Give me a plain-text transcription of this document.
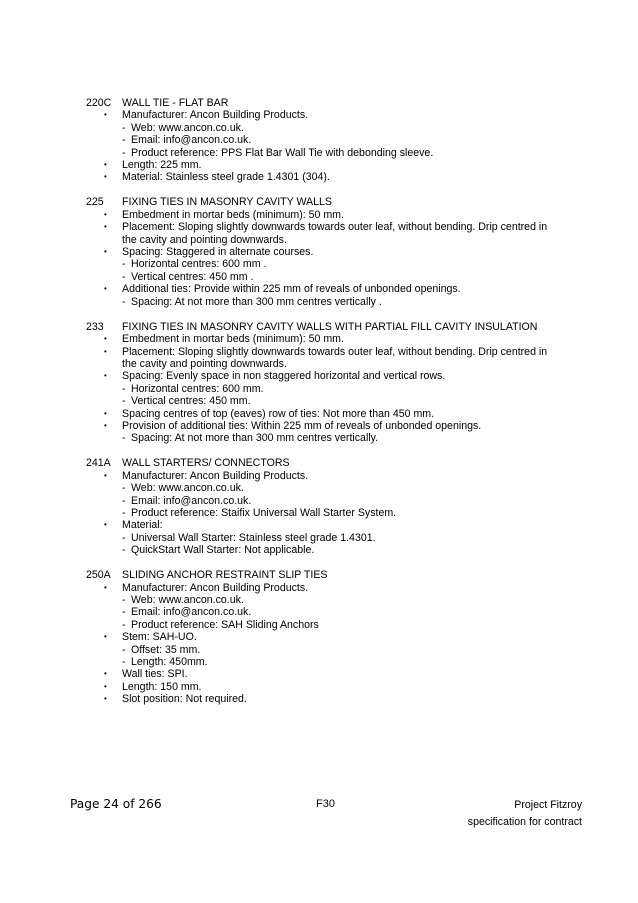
220C	WALL TIE - FLAT BAR
•	Manufacturer: Ancon Building Products.
- Web: www.ancon.co.uk.
- Email: info@ancon.co.uk.
- Product reference: PPS Flat Bar Wall Tie with debonding sleeve.
•	Length: 225 mm.
•	Material: Stainless steel grade 1.4301 (304).
225	FIXING TIES IN MASONRY CAVITY WALLS
•	Embedment in mortar beds (minimum): 50 mm.
•	Placement: Sloping slightly downwards towards outer leaf, without bending. Drip centred in the cavity and pointing downwards.
•	Spacing: Staggered in alternate courses.
- Horizontal centres: 600 mm .
- Vertical centres: 450 mm .
•	Additional ties: Provide within 225 mm of reveals of unbonded openings.
- Spacing: At not more than 300 mm centres vertically .
233	FIXING TIES IN MASONRY CAVITY WALLS WITH PARTIAL FILL CAVITY INSULATION
•	Embedment in mortar beds (minimum): 50 mm.
•	Placement: Sloping slightly downwards towards outer leaf, without bending. Drip centred in the cavity and pointing downwards.
•	Spacing: Evenly space in non staggered horizontal and vertical rows.
- Horizontal centres: 600 mm.
- Vertical centres: 450 mm.
•	Spacing centres of top (eaves) row of ties: Not more than 450 mm.
•	Provision of additional ties: Within 225 mm of reveals of unbonded openings.
- Spacing: At not more than 300 mm centres vertically.
241A	WALL STARTERS/ CONNECTORS
•	Manufacturer: Ancon Building Products.
- Web: www.ancon.co.uk.
- Email: info@ancon.co.uk.
- Product reference: Staifix Universal Wall Starter System.
•	Material:
- Universal Wall Starter: Stainless steel grade 1.4301.
- QuickStart Wall Starter: Not applicable.
250A	SLIDING ANCHOR RESTRAINT SLIP TIES
•	Manufacturer: Ancon Building Products.
- Web: www.ancon.co.uk.
- Email: info@ancon.co.uk.
- Product reference: SAH Sliding Anchors
•	Stem: SAH-UO.
- Offset: 35 mm.
- Length: 450mm.
•	Wall ties: SPI.
•	Length: 150 mm.
•	Slot position: Not required.
Page 24 of 266	F30	Project Fitzroy
specification for contract
